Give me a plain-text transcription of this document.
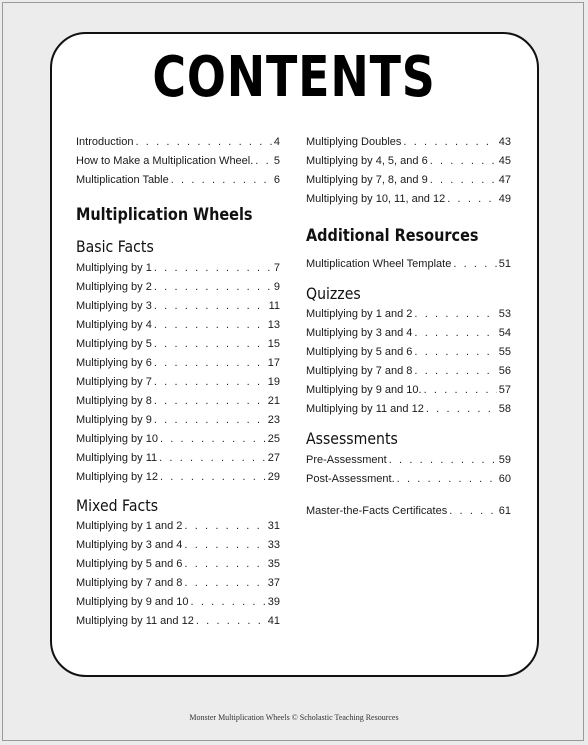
CONTENTS
Introduction . . .	4
How to Make a Multiplication Wheel. . . . 5
Multiplication Table . . .	6
Multiplication Wheels
Basic Facts
Multiplying by 1 . . .	7
Multiplying by 2 . . .	9
Multiplying by 3 . . .	11
Multiplying by 4 . . .	13
Multiplying by 5 . . .	15
Multiplying by 6 . . .	17
Multiplying by 7 . . .	19
Multiplying by 8 . . .	21
Multiplying by 9 . . .	23
Multiplying by 10 . . .	25
Multiplying by 11 . . .	27
Multiplying by 12 . . .	29
Mixed Facts
Multiplying by 1 and 2 . . .	31
Multiplying by 3 and 4 . . .	33
Multiplying by 5 and 6 . . .	35
Multiplying by 7 and 8 . . .	37
Multiplying by 9 and 10 . . .	39
Multiplying by 11 and 12 . . .	41
Multiplying Doubles . . .	43
Multiplying by 4, 5, and 6 . . .	45
Multiplying by 7, 8, and 9 . . .	47
Multiplying by 10, 11, and 12 . . .	49
Additional Resources
Multiplication Wheel Template . . .	51
Quizzes
Multiplying by 1 and 2 . . .	53
Multiplying by 3 and 4 . . .	54
Multiplying by 5 and 6 . . .	55
Multiplying by 7 and 8 . . .	56
Multiplying by 9 and 10. . . .	57
Multiplying by 11 and 12 . . .	58
Assessments
Pre-Assessment . . .	59
Post-Assessment. . . .	60
Master-the-Facts Certificates . . .	61
Monster Multiplication Wheels © Scholastic Teaching Resources
